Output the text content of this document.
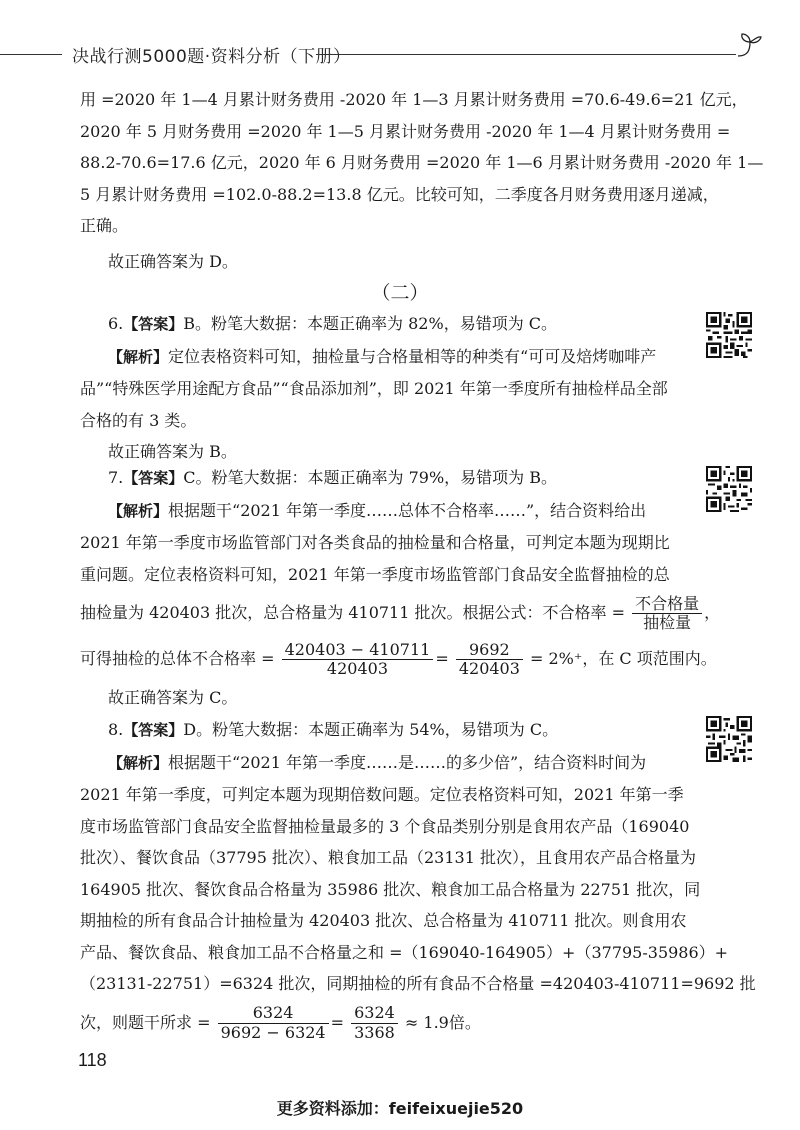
决战行测5000题·资料分析（下册）

用 =2020 年 1—4 月累计财务费用 -2020 年 1—3 月累计财务费用 =70.6-49.6=21 亿元，

2020 年 5 月财务费用 =2020 年 1—5 月累计财务费用 -2020 年 1—4 月累计财务费用 =

88.2-70.6=17.6 亿元，2020 年 6 月财务费用 =2020 年 1—6 月累计财务费用 -2020 年 1—

5 月累计财务费用 =102.0-88.2=13.8 亿元。比较可知，二季度各月财务费用逐月递减，

正确。

故正确答案为 D。

（二）

6.【答案】B。粉笔大数据：本题正确率为 82%，易错项为 C。

【解析】定位表格资料可知，抽检量与合格量相等的种类有“可可及焙烤咖啡产

品”“特殊医学用途配方食品”“食品添加剂”，即 2021 年第一季度所有抽检样品全部

合格的有 3 类。

故正确答案为 B。

7.【答案】C。粉笔大数据：本题正确率为 79%，易错项为 B。

【解析】根据题干“2021 年第一季度……总体不合格率……”，结合资料给出

2021 年第一季度市场监管部门对各类食品的抽检量和合格量，可判定本题为现期比

重问题。定位表格资料可知，2021 年第一季度市场监管部门食品安全监督抽检的总

抽检量为 420403 批次，总合格量为 410711 批次。根据公式：不合格率 = $\frac{\text{不合格量}}{\text{抽检量}}$ ，

可得抽检的总体不合格率 = $\frac{420403 - 410711}{420403} = \frac{9692}{420403} = 2\%^+$，在 C 项范围内。

故正确答案为 C。

8.【答案】D。粉笔大数据：本题正确率为 54%，易错项为 C。

【解析】根据题干“2021 年第一季度……是……的多少倍”，结合资料时间为

2021 年第一季度，可判定本题为现期倍数问题。定位表格资料可知，2021 年第一季

度市场监管部门食品安全监督抽检量最多的 3 个食品类别分别是食用农产品（169040

批次）、餐饮食品（37795 批次）、粮食加工品（23131 批次），且食用农产品合格量为

164905 批次、餐饮食品合格量为 35986 批次、粮食加工品合格量为 22751 批次，同

期抽检的所有食品合计抽检量为 420403 批次、总合格量为 410711 批次。则食用农

产品、餐饮食品、粮食加工品不合格量之和 =（169040-164905）+（37795-35986）+

（23131-22751）=6324 批次，同期抽检的所有食品不合格量 =420403-410711=9692 批

次，则题干所求 = $\frac{6324}{9692 - 6324} = \frac{6324}{3368} \approx 1.9$倍。

118
更多资料添加：feifeixuejie520
